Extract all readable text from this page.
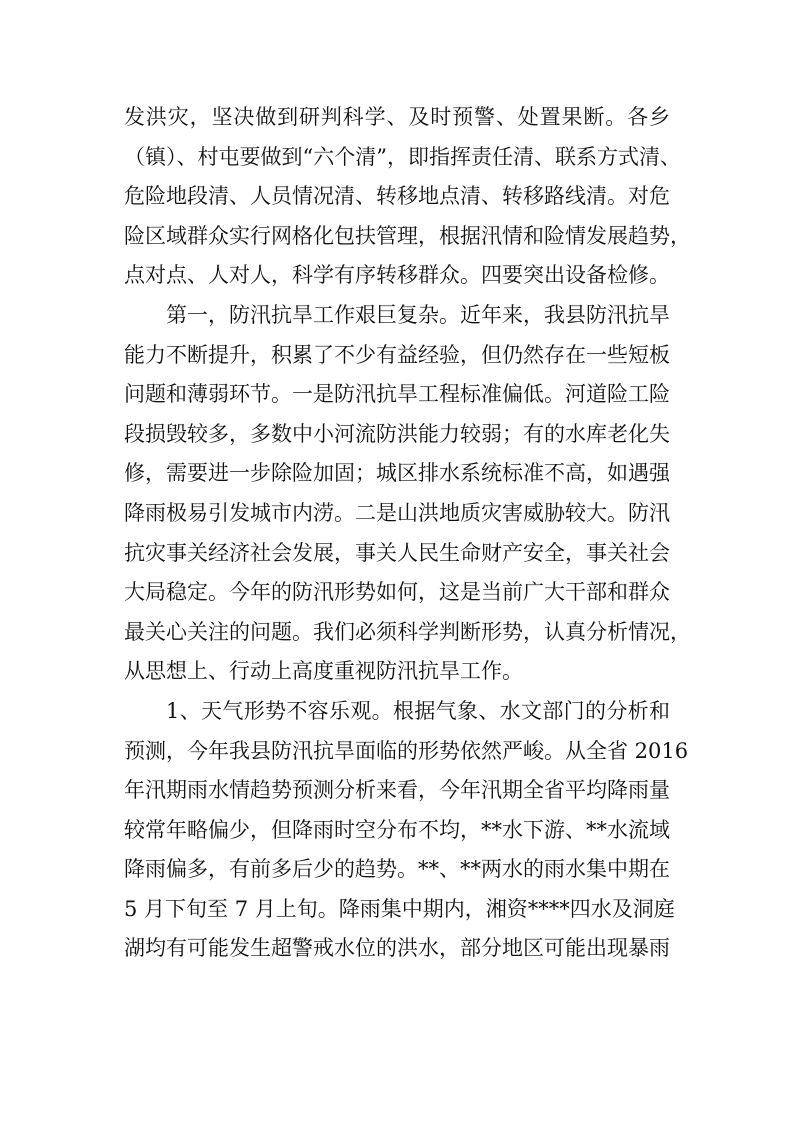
发洪灾，坚决做到研判科学、及时预警、处置果断。各乡
（镇）、村屯要做到“六个清”，即指挥责任清、联系方式清、
危险地段清、人员情况清、转移地点清、转移路线清。对危
险区域群众实行网格化包扶管理，根据汛情和险情发展趋势，
点对点、人对人，科学有序转移群众。四要突出设备检修。
第一，防汛抗旱工作艰巨复杂。近年来，我县防汛抗旱
能力不断提升，积累了不少有益经验，但仍然存在一些短板
问题和薄弱环节。一是防汛抗旱工程标准偏低。河道险工险
段损毁较多，多数中小河流防洪能力较弱；有的水库老化失
修，需要进一步除险加固；城区排水系统标准不高，如遇强
降雨极易引发城市内涝。二是山洪地质灾害威胁较大。防汛
抗灾事关经济社会发展，事关人民生命财产安全，事关社会
大局稳定。今年的防汛形势如何，这是当前广大干部和群众
最关心关注的问题。我们必须科学判断形势，认真分析情况，
从思想上、行动上高度重视防汛抗旱工作。
1、天气形势不容乐观。根据气象、水文部门的分析和
预测，今年我县防汛抗旱面临的形势依然严峻。从全省 2016
年汛期雨水情趋势预测分析来看，今年汛期全省平均降雨量
较常年略偏少，但降雨时空分布不均，**水下游、**水流域
降雨偏多，有前多后少的趋势。**、**两水的雨水集中期在
5 月下旬至 7 月上旬。降雨集中期内，湘资****四水及洞庭
湖均有可能发生超警戒水位的洪水，部分地区可能出现暴雨
